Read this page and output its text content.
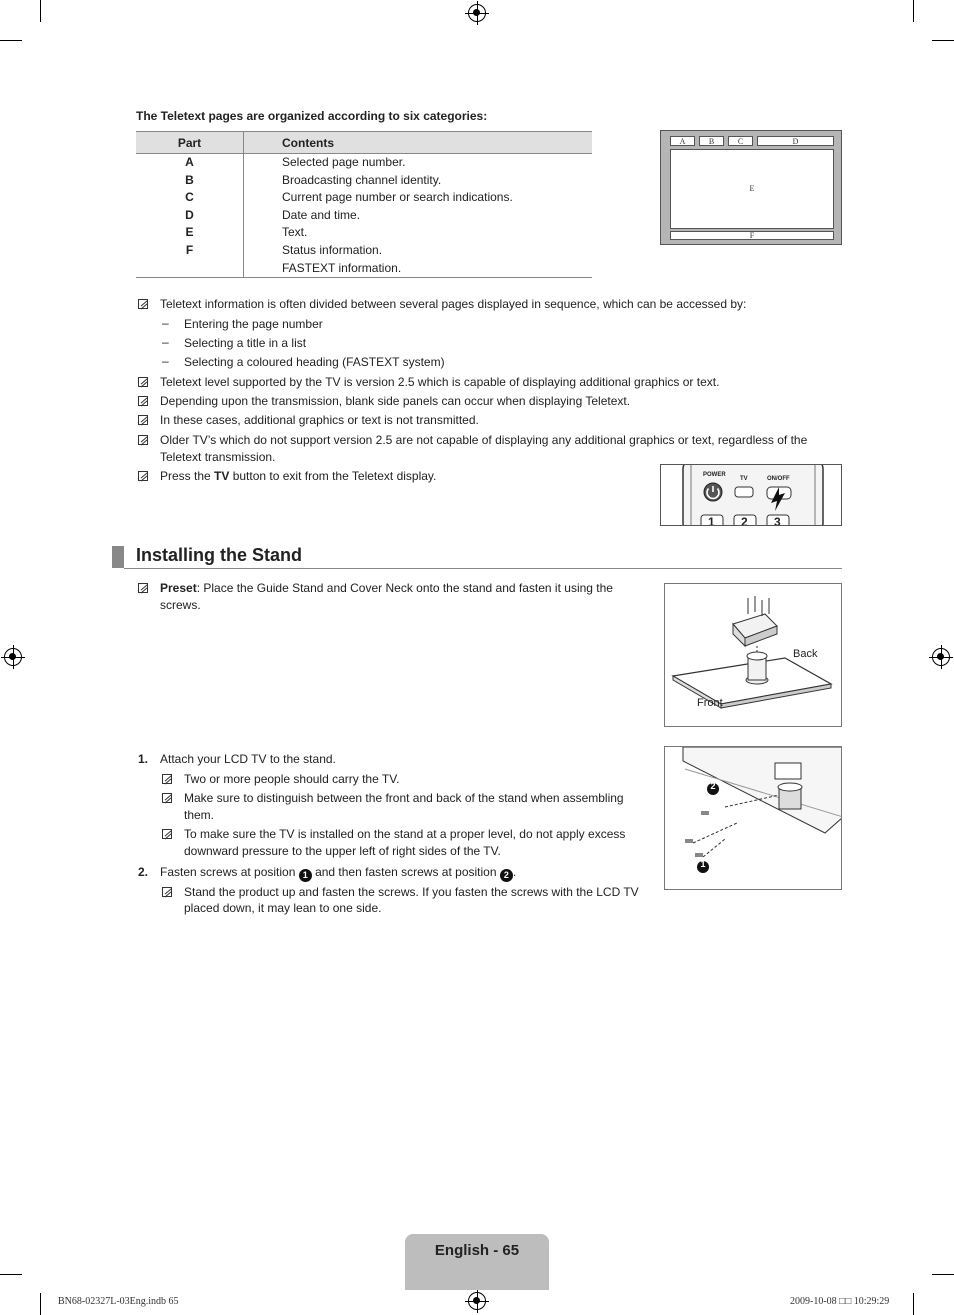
The Teletext pages are organized according to six categories:
Part	Contents
A	Selected page number.
B	Broadcasting channel identity.
C	Current page number or search indications.
D	Date and time.
E	Text.
F	Status information.
	FASTEXT information.
A	B	C	D
E
F
Teletext information is often divided between several pages displayed in sequence, which can be accessed by:
– Entering the page number
– Selecting a title in a list
– Selecting a coloured heading (FASTEXT system)
Teletext level supported by the TV is version 2.5 which is capable of displaying additional graphics or text.
Depending upon the transmission, blank side panels can occur when displaying Teletext.
In these cases, additional graphics or text is not transmitted.
Older TV’s which do not support version 2.5 are not capable of displaying any additional graphics or text, regardless of the
Teletext transmission.
Press the TV button to exit from the Teletext display.	POWER
TV	ON/OFF
1 2 3
Installing the Stand
Preset: Place the Guide Stand and Cover Neck onto the stand and fasten it using the
screws.
Back
Front
1. Attach your LCD TV to the stand.
Two or more people should carry the TV.
Make sure to distinguish between the front and back of the stand when assembling
them.
To make sure the TV is installed on the stand at a proper level, do not apply excess
downward pressure to the upper left of right sides of the TV.
2. Fasten screws at position 1 and then fasten screws at position 2 .
Stand the product up and fasten the screws. If you fasten the screws with the LCD TV
placed down, it may lean to one side.
2
1
English - 65
BN68-02327L-03Eng.indb 65	2009-10-08 □□ 10:29:29
